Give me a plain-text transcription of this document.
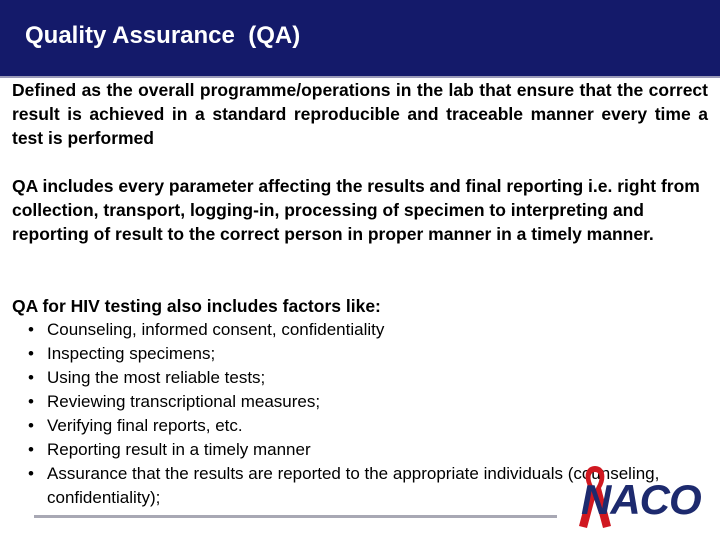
Quality Assurance  (QA)

Defined as the overall programme/operations in the lab that ensure that the correct result is achieved in a standard reproducible and traceable manner every time a test is performed

QA includes every parameter affecting the results and final reporting i.e. right from collection, transport, logging-in, processing of specimen to interpreting and reporting of result to the correct person in proper manner in a timely manner.

QA for HIV testing also includes factors like:

• Counseling, informed consent, confidentiality
• Inspecting specimens;
• Using the most reliable tests;
• Reviewing transcriptional measures;
• Verifying final reports, etc.
• Reporting result in a timely manner
• Assurance that the results are reported to the appropriate individuals (counseling, confidentiality);	NACO
